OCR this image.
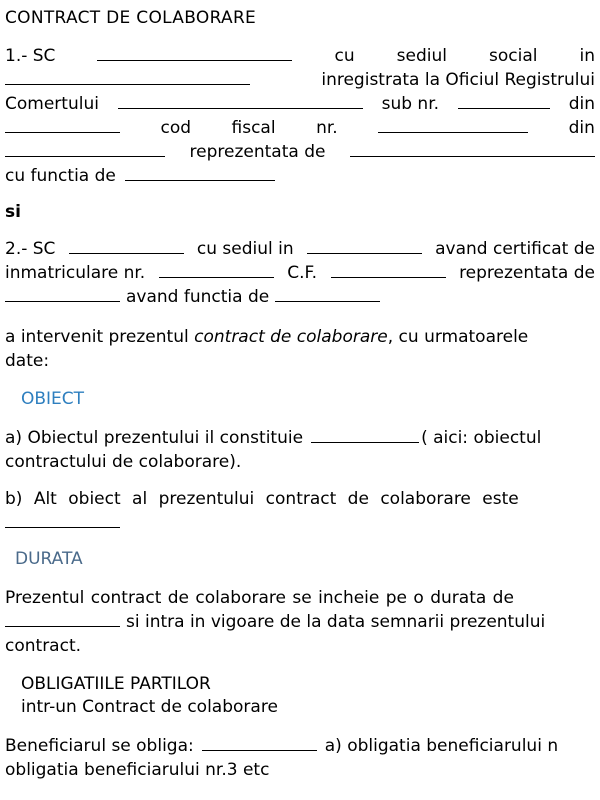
CONTRACT DE COLABORARE
1.- SC	cu sediul social in
inregistrata la Oficiul Registrului
Comertului	sub nr.	din
cod fiscal nr.	din
reprezentata de
cu functia de
si
2.- SC	cu sediul in	avand certificat de
inmatriculare nr.	C.F.	reprezentata de
avand functia de
a intervenit prezentul contract de colaborare, cu urmatoarele
date:
OBIECT
a) Obiectul prezentului il constituie	( aici: obiectul
contractului de colaborare).
b) Alt obiect al prezentului contract de colaborare este
DURATA
Prezentul contract de colaborare se incheie pe o durata de
si intra in vigoare de la data semnarii prezentului
contract.
OBLIGATIILE PARTILOR
intr-un Contract de colaborare
Beneficiarul se obliga:	a) obligatia beneficiarului n
obligatia beneficiarului nr.3 etc
